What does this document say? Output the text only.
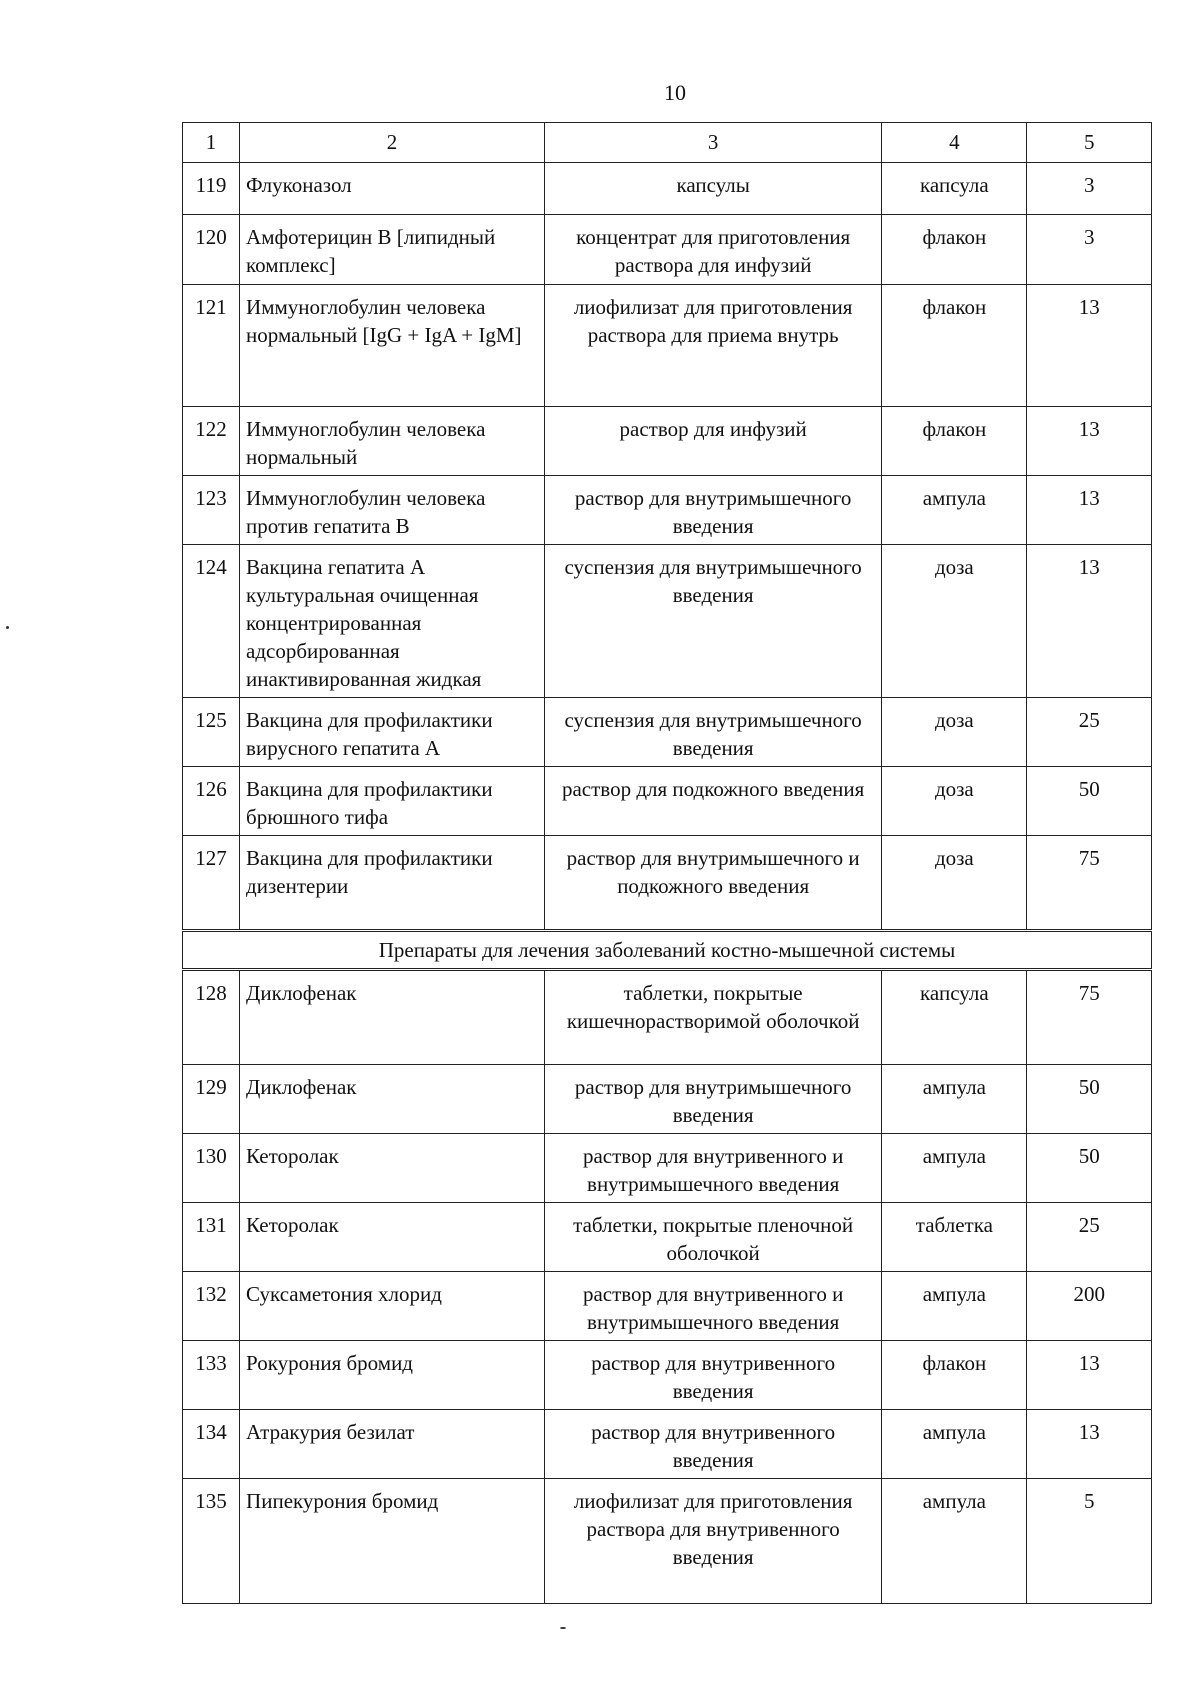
10
1	2	3	4	5
119	Флуконазол	капсулы	капсула	3
120	Амфотерицин В [липидный комплекс]	концентрат для приготовления раствора для инфузий	флакон	3
121	Иммуноглобулин человека нормальный [IgG + IgA + IgM]	лиофилизат для приготовления раствора для приема внутрь	флакон	13
122	Иммуноглобулин человека нормальный	раствор для инфузий	флакон	13
123	Иммуноглобулин человека против гепатита В	раствор для внутримышечного введения	ампула	13
124	Вакцина гепатита А культуральная очищенная концентрированная адсорбированная инактивированная жидкая	суспензия для внутримышечного введения	доза	13
125	Вакцина для профилактики вирусного гепатита А	суспензия для внутримышечного введения	доза	25
126	Вакцина для профилактики брюшного тифа	раствор для подкожного введения	доза	50
127	Вакцина для профилактики дизентерии	раствор для внутримышечного и подкожного введения	доза	75
Препараты для лечения заболеваний костно-мышечной системы				
128	Диклофенак	таблетки, покрытые кишечнорастворимой оболочкой	капсула	75
129	Диклофенак	раствор для внутримышечного введения	ампула	50
130	Кеторолак	раствор для внутривенного и внутримышечного введения	ампула	50
131	Кеторолак	таблетки, покрытые пленочной оболочкой	таблетка	25
132	Суксаметония хлорид	раствор для внутривенного и внутримышечного введения	ампула	200
133	Рокурония бромид	раствор для внутривенного введения	флакон	13
134	Атракурия безилат	раствор для внутривенного введения	ампула	13
135	Пипекурония бромид	лиофилизат для приготовления раствора для внутривенного введения	ампула	5
